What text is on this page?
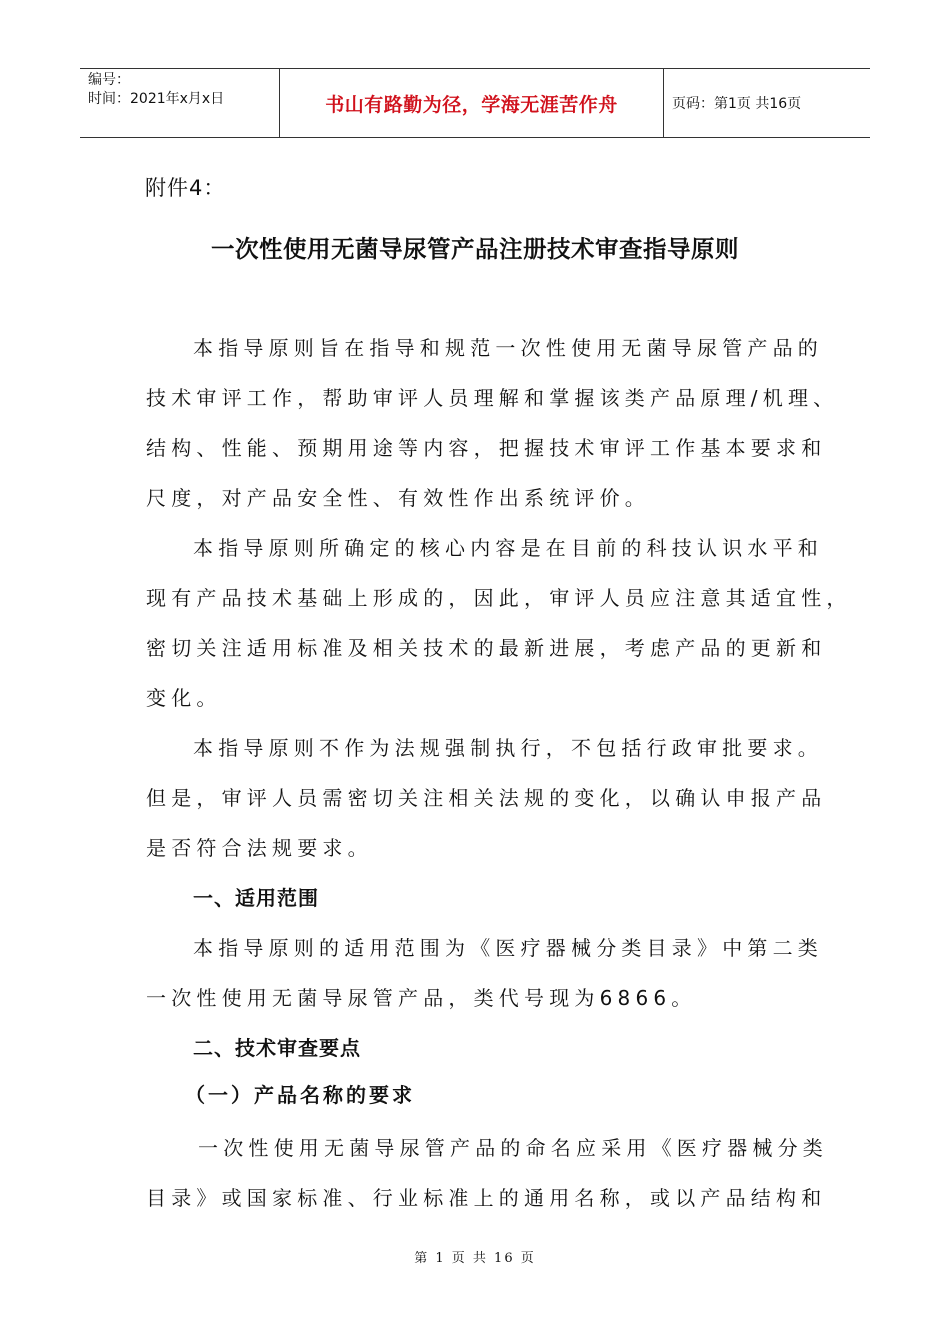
编号：
时间：2021年x月x日	书山有路勤为径，学海无涯苦作舟	页码：第1页 共16页
附件4：
一次性使用无菌导尿管产品注册技术审查指导原则
本指导原则旨在指导和规范一次性使用无菌导尿管产品的
技术审评工作，帮助审评人员理解和掌握该类产品原理/机理、
结构、性能、预期用途等内容，把握技术审评工作基本要求和
尺度，对产品安全性、有效性作出系统评价。
本指导原则所确定的核心内容是在目前的科技认识水平和
现有产品技术基础上形成的，因此，审评人员应注意其适宜性，
密切关注适用标准及相关技术的最新进展，考虑产品的更新和
变化。
本指导原则不作为法规强制执行，不包括行政审批要求。
但是，审评人员需密切关注相关法规的变化，以确认申报产品
是否符合法规要求。
一、适用范围
本指导原则的适用范围为《医疗器械分类目录》中第二类
一次性使用无菌导尿管产品，类代号现为6866。
二、技术审查要点
（一）产品名称的要求
一次性使用无菌导尿管产品的命名应采用《医疗器械分类
目录》或国家标准、行业标准上的通用名称，或以产品结构和
第 1 页 共 16 页
